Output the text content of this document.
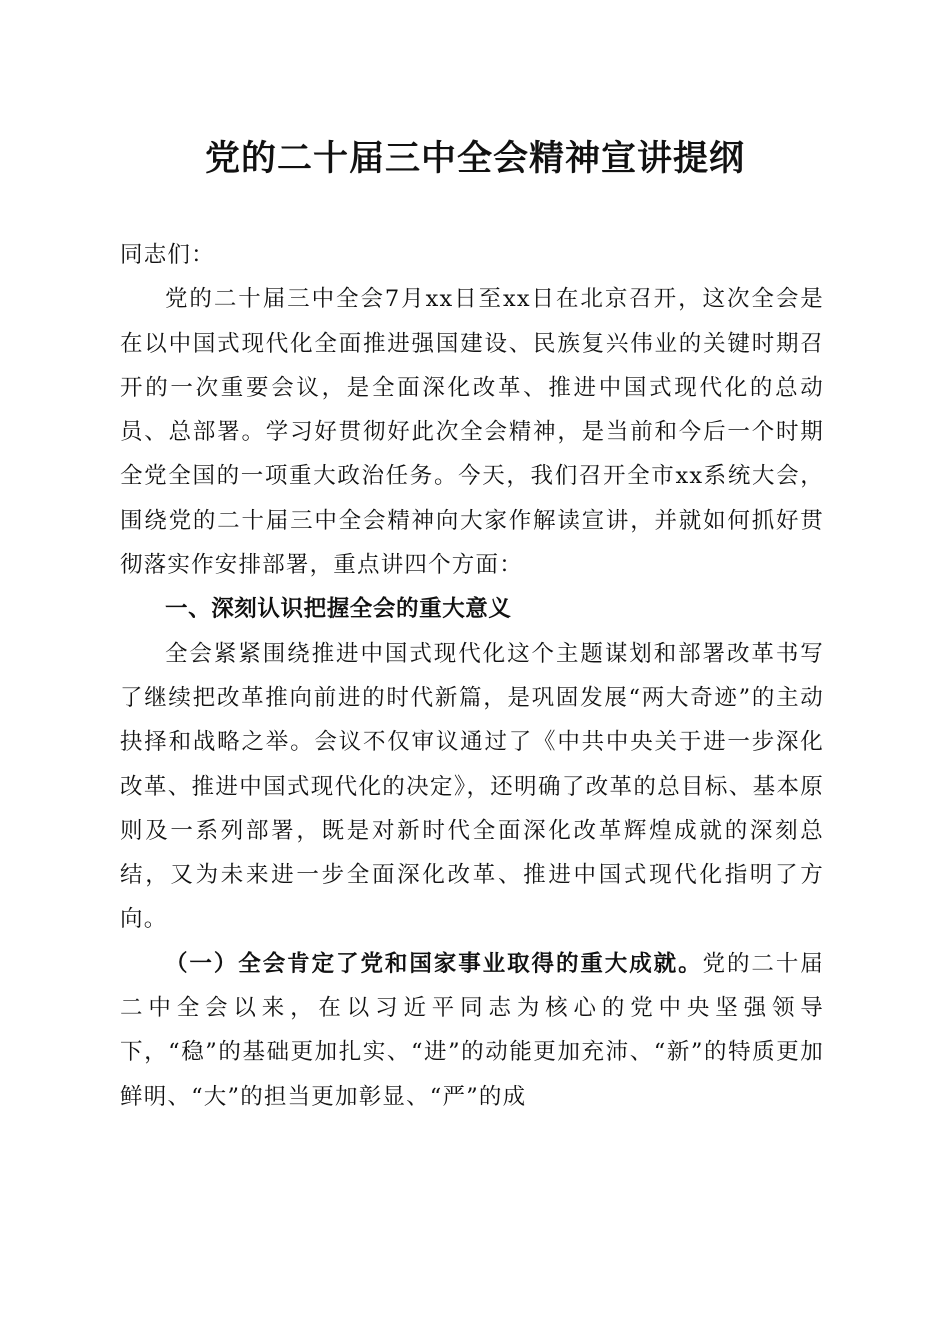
党的二十届三中全会精神宣讲提纲

同志们：

党的二十届三中全会7月xx日至xx日在北京召开，这次全会是在以中国式现代化全面推进强国建设、民族复兴伟业的关键时期召开的一次重要会议，是全面深化改革、推进中国式现代化的总动员、总部署。学习好贯彻好此次全会精神，是当前和今后一个时期全党全国的一项重大政治任务。今天，我们召开全市xx系统大会，围绕党的二十届三中全会精神向大家作解读宣讲，并就如何抓好贯彻落实作安排部署，重点讲四个方面：

一、深刻认识把握全会的重大意义

全会紧紧围绕推进中国式现代化这个主题谋划和部署改革书写了继续把改革推向前进的时代新篇，是巩固发展“两大奇迹”的主动抉择和战略之举。会议不仅审议通过了《中共中央关于进一步深化改革、推进中国式现代化的决定》，还明确了改革的总目标、基本原则及一系列部署，既是对新时代全面深化改革辉煌成就的深刻总结，又为未来进一步全面深化改革、推进中国式现代化指明了方向。

（一）全会肯定了党和国家事业取得的重大成就。党的二十届二中全会以来，在以习近平同志为核心的党中央坚强领导下，“稳”的基础更加扎实、“进”的动能更加充沛、“新”的特质更加鲜明、“大”的担当更加彰显、“严”的成
